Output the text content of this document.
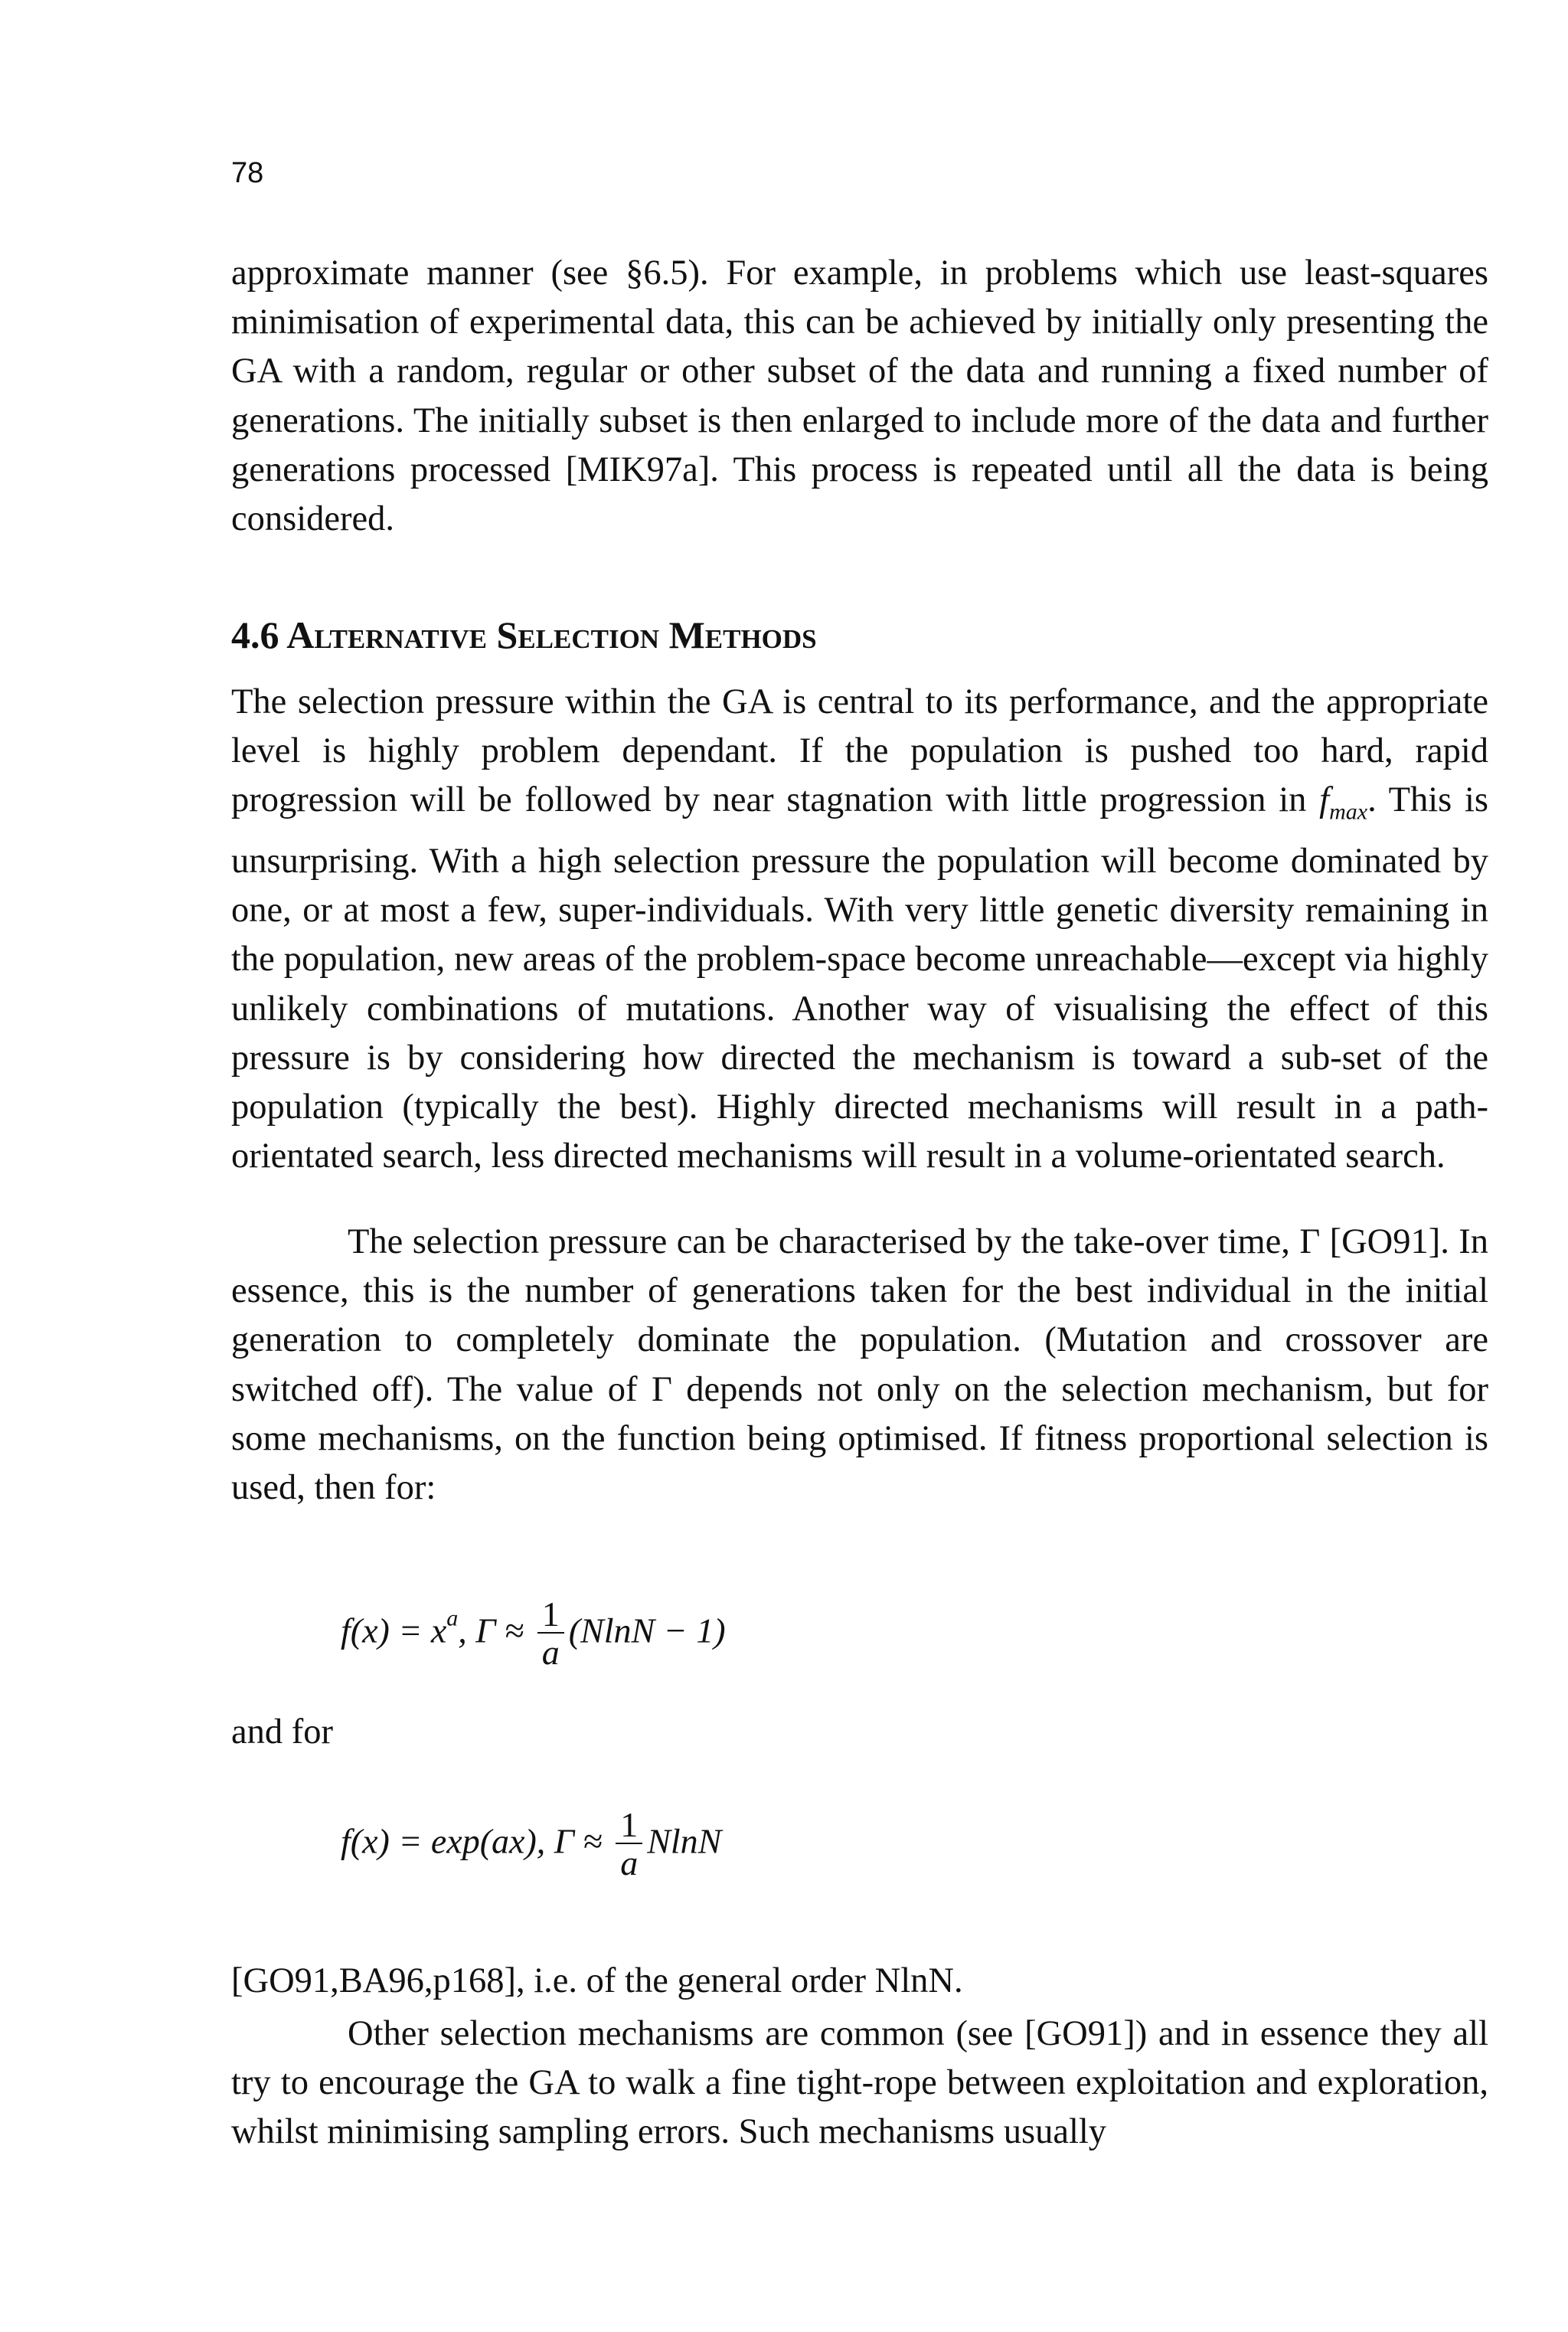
78

approximate manner (see §6.5). For example, in problems which use least-squares minimisation of experimental data, this can be achieved by initially only presenting the GA with a random, regular or other subset of the data and running a fixed number of generations. The initially subset is then enlarged to include more of the data and further generations processed [MIK97a]. This process is repeated until all the data is being considered.

4.6 Alternative Selection Methods

The selection pressure within the GA is central to its performance, and the appropriate level is highly problem dependant. If the population is pushed too hard, rapid progression will be followed by near stagnation with little progression in $f_{max}$. This is unsurprising. With a high selection pressure the population will become dominated by one, or at most a few, super-individuals. With very little genetic diversity remaining in the population, new areas of the problem-space become unreachable—except via highly unlikely combinations of mutations. Another way of visualising the effect of this pressure is by considering how directed the mechanism is toward a sub-set of the population (typically the best). Highly directed mechanisms will result in a path-orientated search, less directed mechanisms will result in a volume-orientated search.

The selection pressure can be characterised by the take-over time, Γ [GO91]. In essence, this is the number of generations taken for the best individual in the initial generation to completely dominate the population. (Mutation and crossover are switched off). The value of Γ depends not only on the selection mechanism, but for some mechanisms, on the function being optimised. If fitness proportional selection is used, then for:

$f(x) = x^a$, $\Gamma \approx \frac{1}{a} (NlnN - 1)$
and for
f(x) = exp(ax), $\Gamma \approx \frac{1}{a}$ NlnN

[GO91,BA96,p168], i.e. of the general order NlnN.

Other selection mechanisms are common (see [GO91]) and in essence they all try to encourage the GA to walk a fine tight-rope between exploitation and exploration, whilst minimising sampling errors. Such mechanisms usually
